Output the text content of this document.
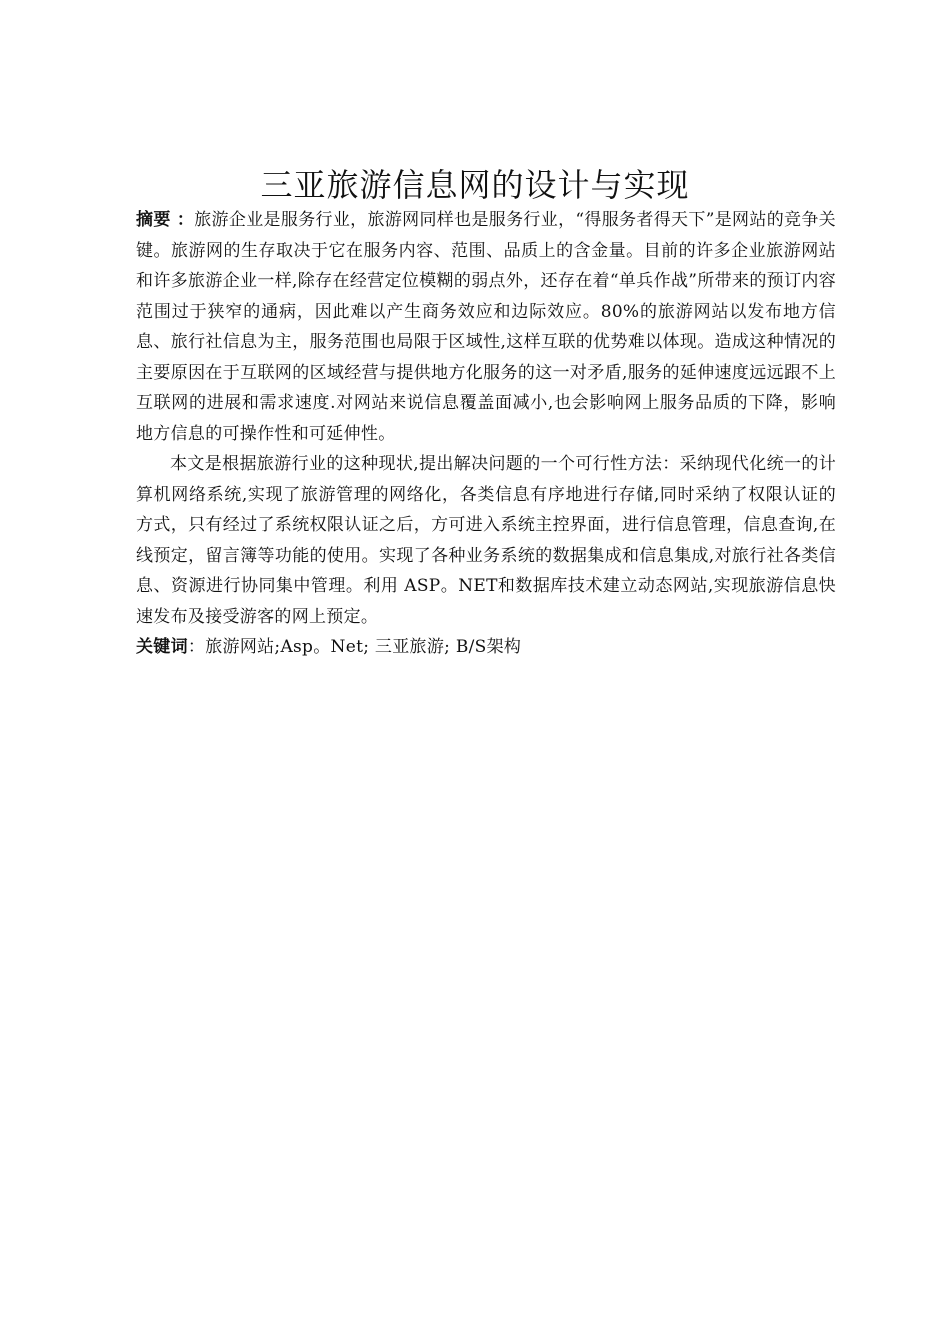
三亚旅游信息网的设计与实现

摘要 ：旅游企业是服务行业，旅游网同样也是服务行业，“得服务者得天下”是网站的竞争关键。旅游网的生存取决于它在服务内容、范围、品质上的含金量。目前的许多企业旅游网站和许多旅游企业一样,除存在经营定位模糊的弱点外，还存在着“单兵作战”所带来的预订内容范围过于狭窄的通病，因此难以产生商务效应和边际效应。80%的旅游网站以发布地方信息、旅行社信息为主，服务范围也局限于区域性,这样互联的优势难以体现。造成这种情况的主要原因在于互联网的区域经营与提供地方化服务的这一对矛盾,服务的延伸速度远远跟不上互联网的进展和需求速度.对网站来说信息覆盖面减小,也会影响网上服务品质的下降，影响地方信息的可操作性和可延伸性。

本文是根据旅游行业的这种现状,提出解决问题的一个可行性方法：采纳现代化统一的计算机网络系统,实现了旅游管理的网络化，各类信息有序地进行存储,同时采纳了权限认证的方式，只有经过了系统权限认证之后，方可进入系统主控界面，进行信息管理，信息查询,在线预定，留言簿等功能的使用。实现了各种业务系统的数据集成和信息集成,对旅行社各类信息、资源进行协同集中管理。利用 ASP。NET和数据库技术建立动态网站,实现旅游信息快速发布及接受游客的网上预定。

关键词：旅游网站;Asp。Net; 三亚旅游; B/S架构
